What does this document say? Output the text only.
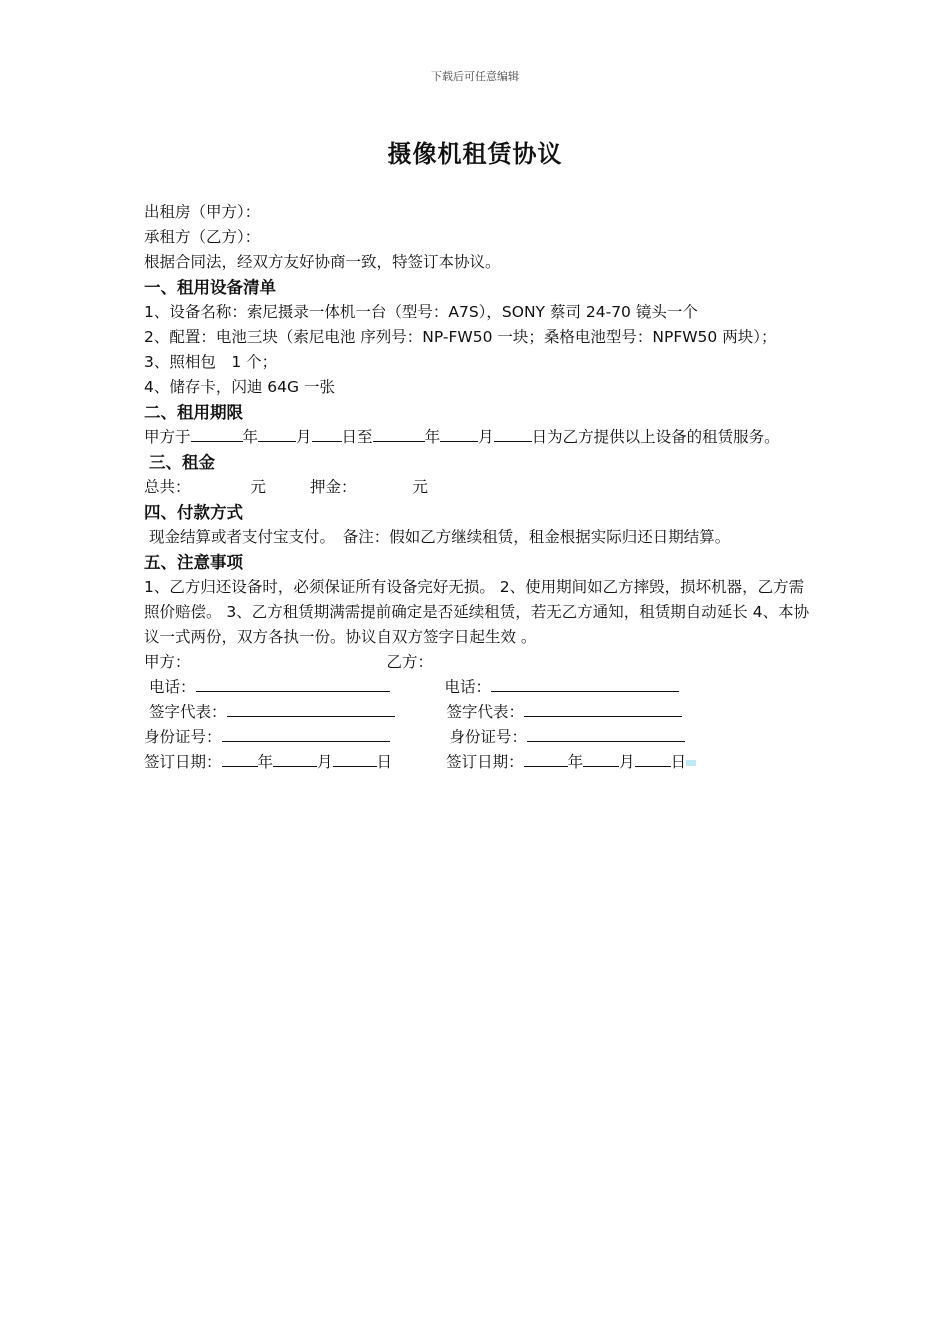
下载后可任意编辑
摄像机租赁协议
出租房（甲方）：
承租方（乙方）：
根据合同法，经双方友好协商一致，特签订本协议。
一、租用设备清单
1、设备名称：索尼摄录一体机一台（型号：A7S），SONY 蔡司 24-70 镜头一个
2、配置：电池三块（索尼电池 序列号：NP-FW50 一块；桑格电池型号：NPFW50 两块）；
3、照相包　1 个；
4、储存卡，闪迪 64G 一张
二、租用期限
甲方于	年 月 日至	年 月 日为乙方提供以上设备的租赁服务。
三、租金
总共：	元	押金：	元
四、付款方式
现金结算或者支付宝支付。　备注：假如乙方继续租赁，租金根据实际归还日期结算。
五、注意事项
1、乙方归还设备时，必须保证所有设备完好无损。 2、使用期间如乙方摔毁，损坏机器，乙方需照价赔偿。 3、乙方租赁期满需提前确定是否延续租赁，若无乙方通知，租赁期自动延长 4、本协议一式两份，双方各执一份。协议自双方签字日起生效 。
甲方：	乙方：
电话：	电话：
签字代表：	签字代表：
身份证号：	身份证号：
签订日期： 年	月	日	签订日期：	年 月 日
